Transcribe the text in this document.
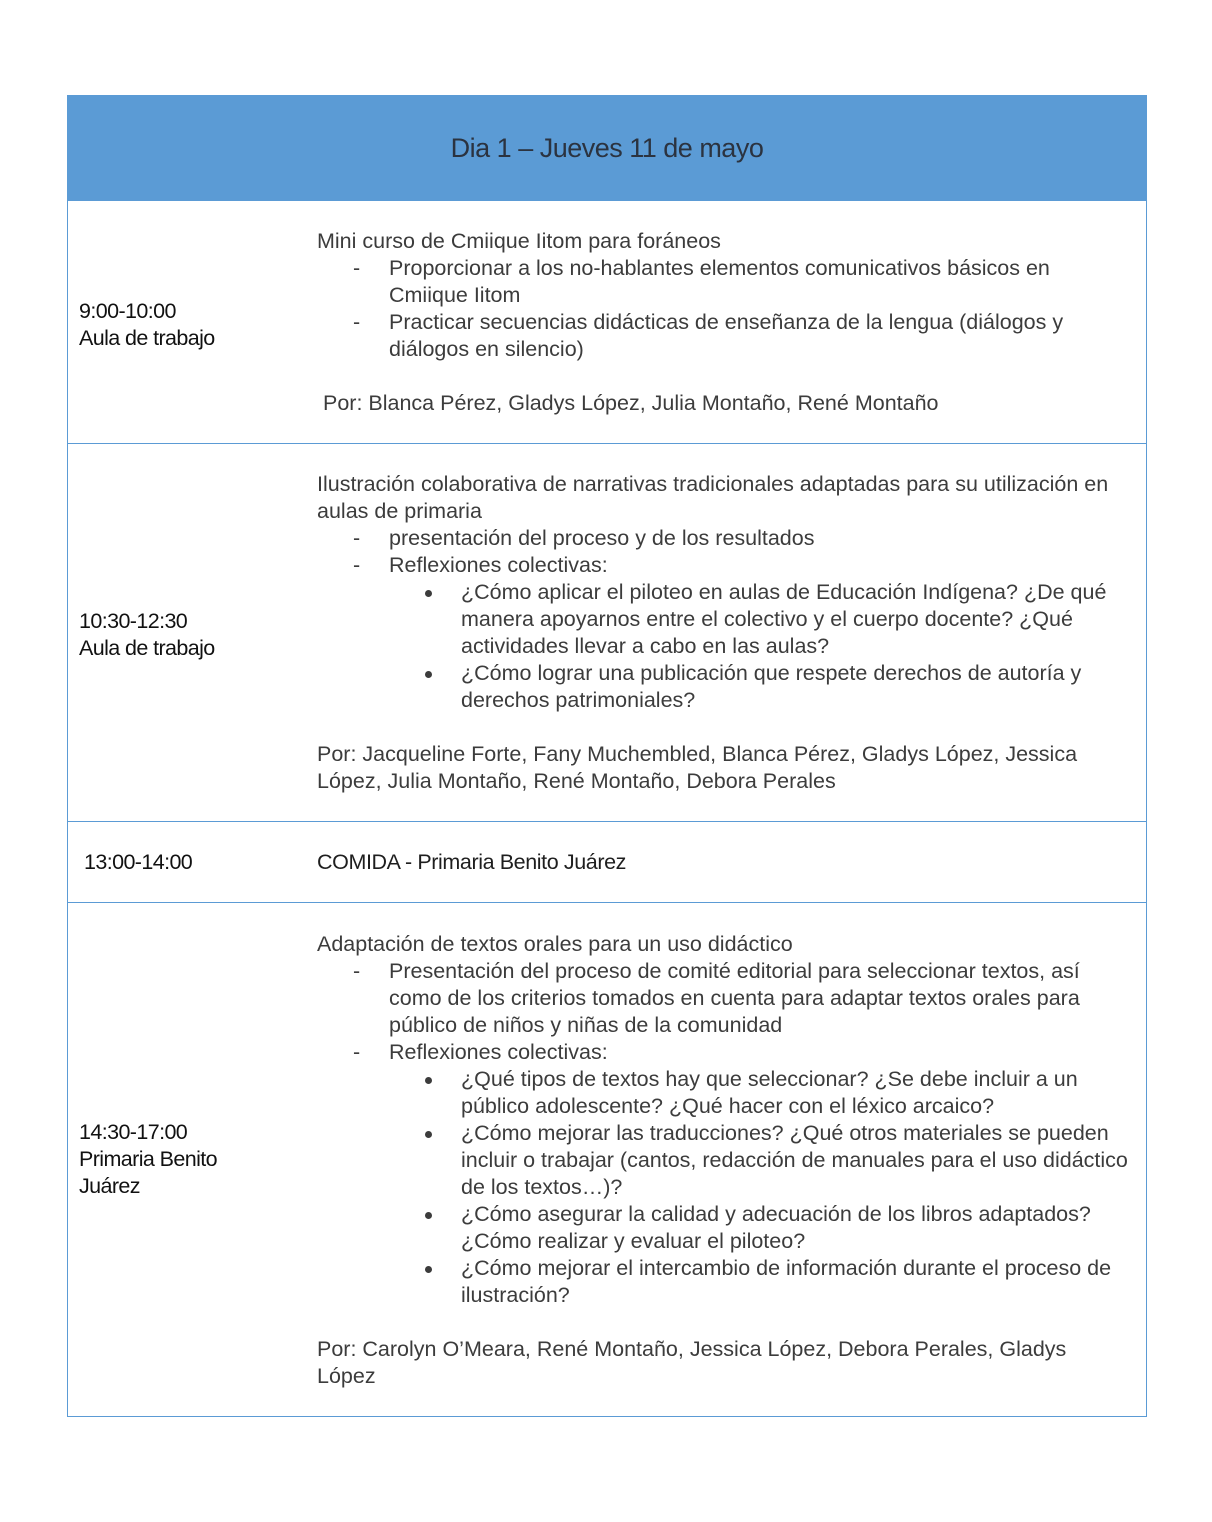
Dia 1 – Jueves 11 de mayo
9:00-10:00
Aula de trabajo

Mini curso de Cmiique Iitom para foráneos

- Proporcionar a los no-hablantes elementos comunicativos básicos en Cmiique Iitom
- Practicar secuencias didácticas de enseñanza de la lengua (diálogos y diálogos en silencio)

Por: Blanca Pérez, Gladys López, Julia Montaño, René Montaño

10:30-12:30
Aula de trabajo

Ilustración colaborativa de narrativas tradicionales adaptadas para su utilización en aulas de primaria

- presentación del proceso y de los resultados
- Reflexiones colectivas:
¿Cómo aplicar el piloteo en aulas de Educación Indígena? ¿De qué manera apoyarnos entre el colectivo y el cuerpo docente? ¿Qué actividades llevar a cabo en las aulas?
¿Cómo lograr una publicación que respete derechos de autoría y derechos patrimoniales?

Por: Jacqueline Forte, Fany Muchembled, Blanca Pérez, Gladys López, Jessica López, Julia Montaño, René Montaño, Debora Perales

13:00-14:00	COMIDA - Primaria Benito Juárez

14:30-17:00
Primaria Benito Juárez

Adaptación de textos orales para un uso didáctico

- Presentación del proceso de comité editorial para seleccionar textos, así como de los criterios tomados en cuenta para adaptar textos orales para público de niños y niñas de la comunidad
- Reflexiones colectivas:
¿Qué tipos de textos hay que seleccionar? ¿Se debe incluir a un público adolescente? ¿Qué hacer con el léxico arcaico?
¿Cómo mejorar las traducciones? ¿Qué otros materiales se pueden incluir o trabajar (cantos, redacción de manuales para el uso didáctico de los textos…)?
¿Cómo asegurar la calidad y adecuación de los libros adaptados? ¿Cómo realizar y evaluar el piloteo?
¿Cómo mejorar el intercambio de información durante el proceso de ilustración?

Por: Carolyn O’Meara, René Montaño, Jessica López, Debora Perales, Gladys López
